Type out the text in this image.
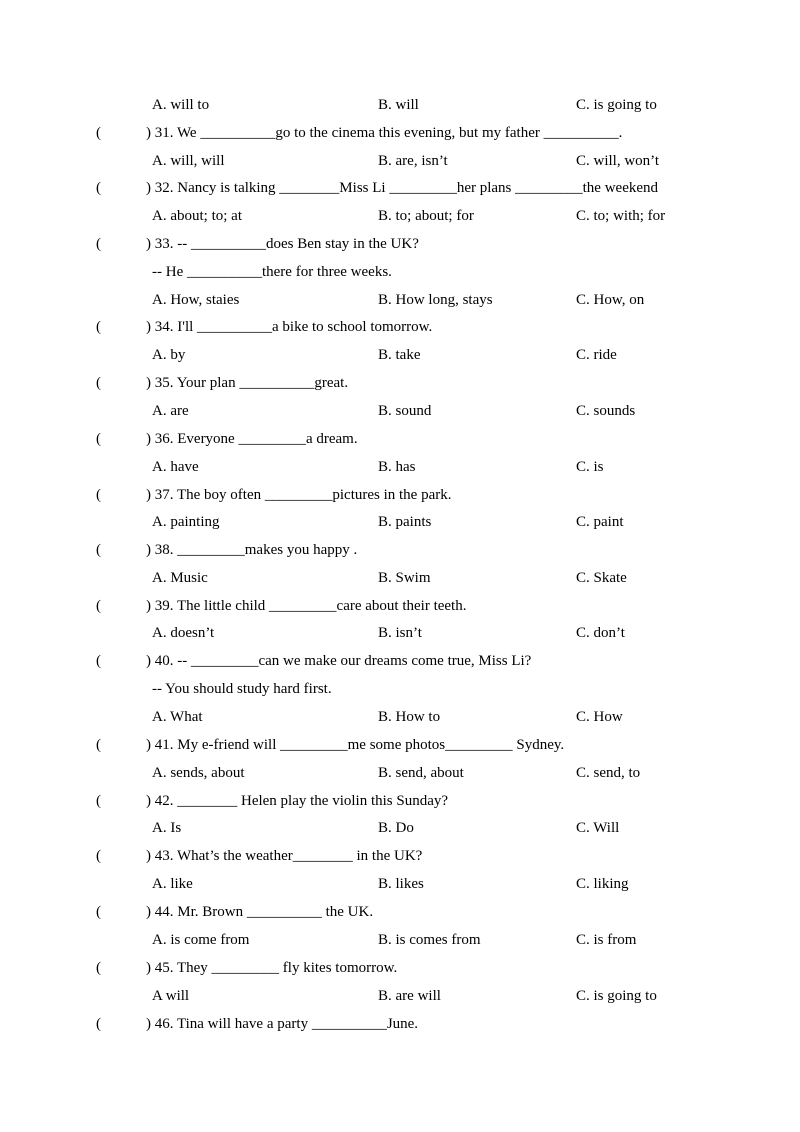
A. will to	B. will	C. is going to
(	) 31. We __________go to the cinema this evening, but my father __________.
A. will, will	B. are, isn’t	C. will, won’t
(	) 32. Nancy is talking ________Miss Li _________her plans _________the weekend
A. about; to; at	B. to; about; for	C. to; with; for
(	) 33. -- __________does Ben stay in the UK?
-- He __________there for three weeks.
A. How, staies	B. How long, stays	C. How, on
(	) 34. I'll __________a bike to school tomorrow.
A. by	B. take	C. ride
(	) 35. Your plan __________great.
A. are	B. sound	C. sounds
(	) 36. Everyone _________a dream.
A. have	B. has	C. is
(	) 37. The boy often _________pictures in the park.
A. painting	B. paints	C. paint
(	) 38. _________makes you happy .
A. Music	B. Swim	C. Skate
(	) 39. The little child _________care about their teeth.
A. doesn’t	B. isn’t	C. don’t
(	) 40. -- _________can we make our dreams come true, Miss Li?
-- You should study hard first.
A. What	B. How to	C. How
(	) 41. My e-friend will _________me some photos_________ Sydney.
A. sends, about	B. send, about	C. send, to
(	) 42. ________ Helen play the violin this Sunday?
A. Is	B. Do	C. Will
(	) 43. What’s the weather________ in the UK?
A. like	B. likes	C. liking
(	) 44. Mr. Brown __________ the UK.
A. is come from	B. is comes from	C. is from
(	) 45. They _________ fly kites tomorrow.
A will	B. are will	C. is going to
(	) 46. Tina will have a party __________June.
